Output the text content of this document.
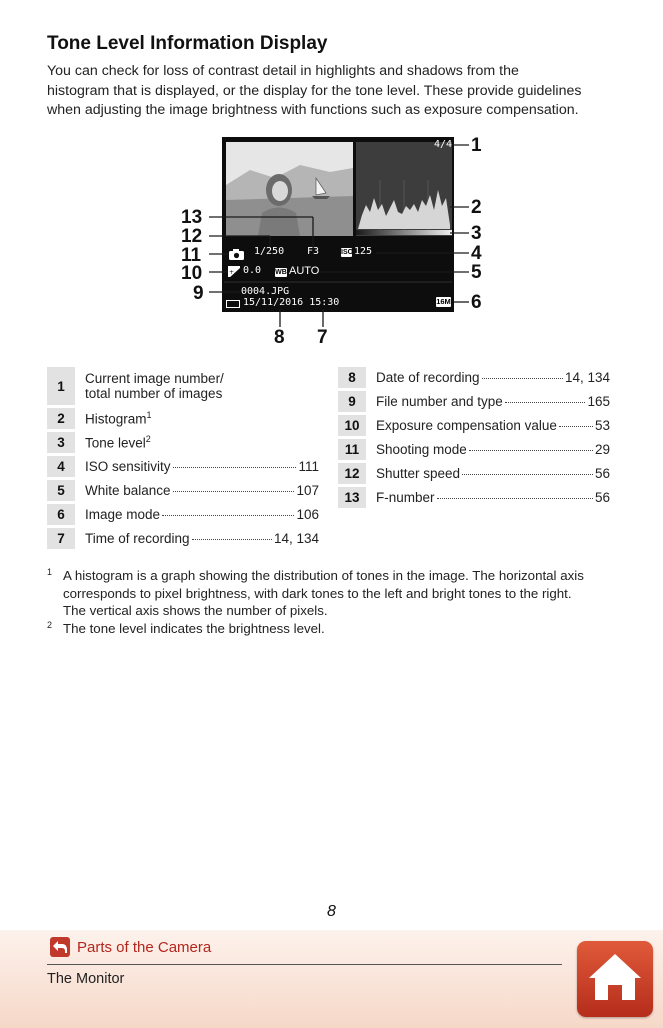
Tone Level Information Display
You can check for loss of contrast detail in highlights and shadows from the
histogram that is displayed, or the display for the tone level. These provide guidelines
when adjusting the image brightness with functions such as exposure compensation.
4/4
1/250 F3	ISO 125
+ 0.0 WB AUTO
0004.JPG
15/11/2016 15:30	16M
1
2
3
4
5
6
7
8
9
10
11
12
13
1	Current image number/
total number of images

2	Histogram$^1$
3	Tone level$^2$
4	ISO sensitivity 111

5	White balance 107

6	Image mode 106

7	Time of recording 14, 134
8	Date of recording 14, 134

9	File number and type 165

10	Exposure compensation value 53

11	Shooting mode 29

12	Shutter speed 56

13	F-number 56
1 A histogram is a graph showing the distribution of tones in the image. The horizontal axis
corresponds to pixel brightness, with dark tones to the left and bright tones to the right.
The vertical axis shows the number of pixels.
2 The tone level indicates the brightness level.
8
Parts of the Camera
The Monitor
